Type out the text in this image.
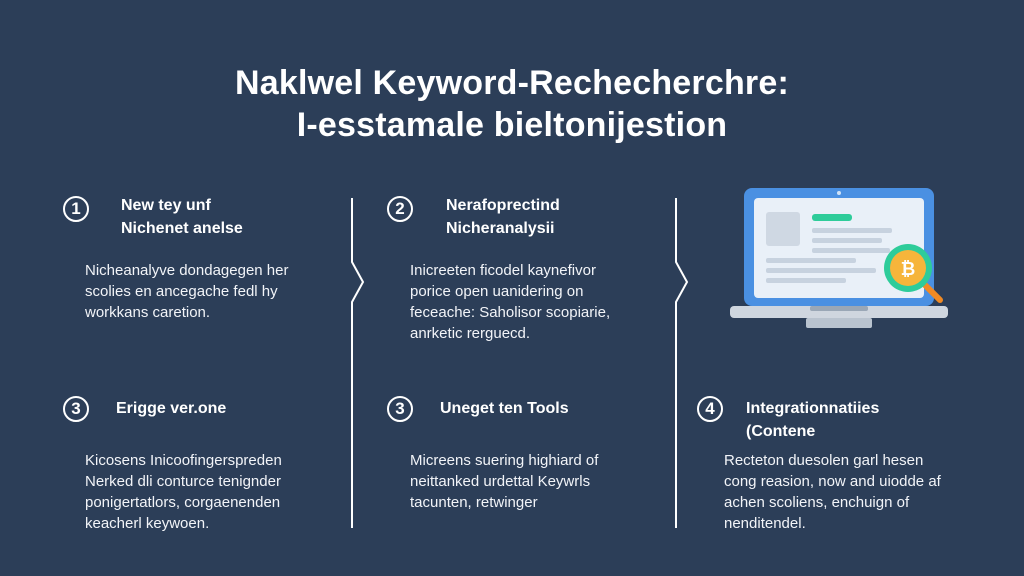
Naklwel Keyword-Rechecherchre:
I-esstamale bieltonijestion
1	New tey unf
Nichenet anelse
Nicheanalyve dondagegen her
scolies en ancegache fedl hy
workkans caretion.
2	Nerafoprectind
Nicheranalysii
Inicreeten ficodel kaynefivor
porice open uanidering on
feceache: Saholisor scopiarie,
anrketic rerguecd.
₿
3	Erigge ver.one
Kicosens Inicoofingerspreden
Nerked dli conturce tenignder
ponigertatlors, corgaenenden
keacherl keywoen.
3	Uneget ten Tools
Micreens suering highiard of
neittanked urdettal Keywrls
tacunten, retwinger
4	Integrationnatiies
(Contene
Recteton duesolen garl hesen
cong reasion, now and uiodde af
achen scoliens, enchuign of
nenditendel.
